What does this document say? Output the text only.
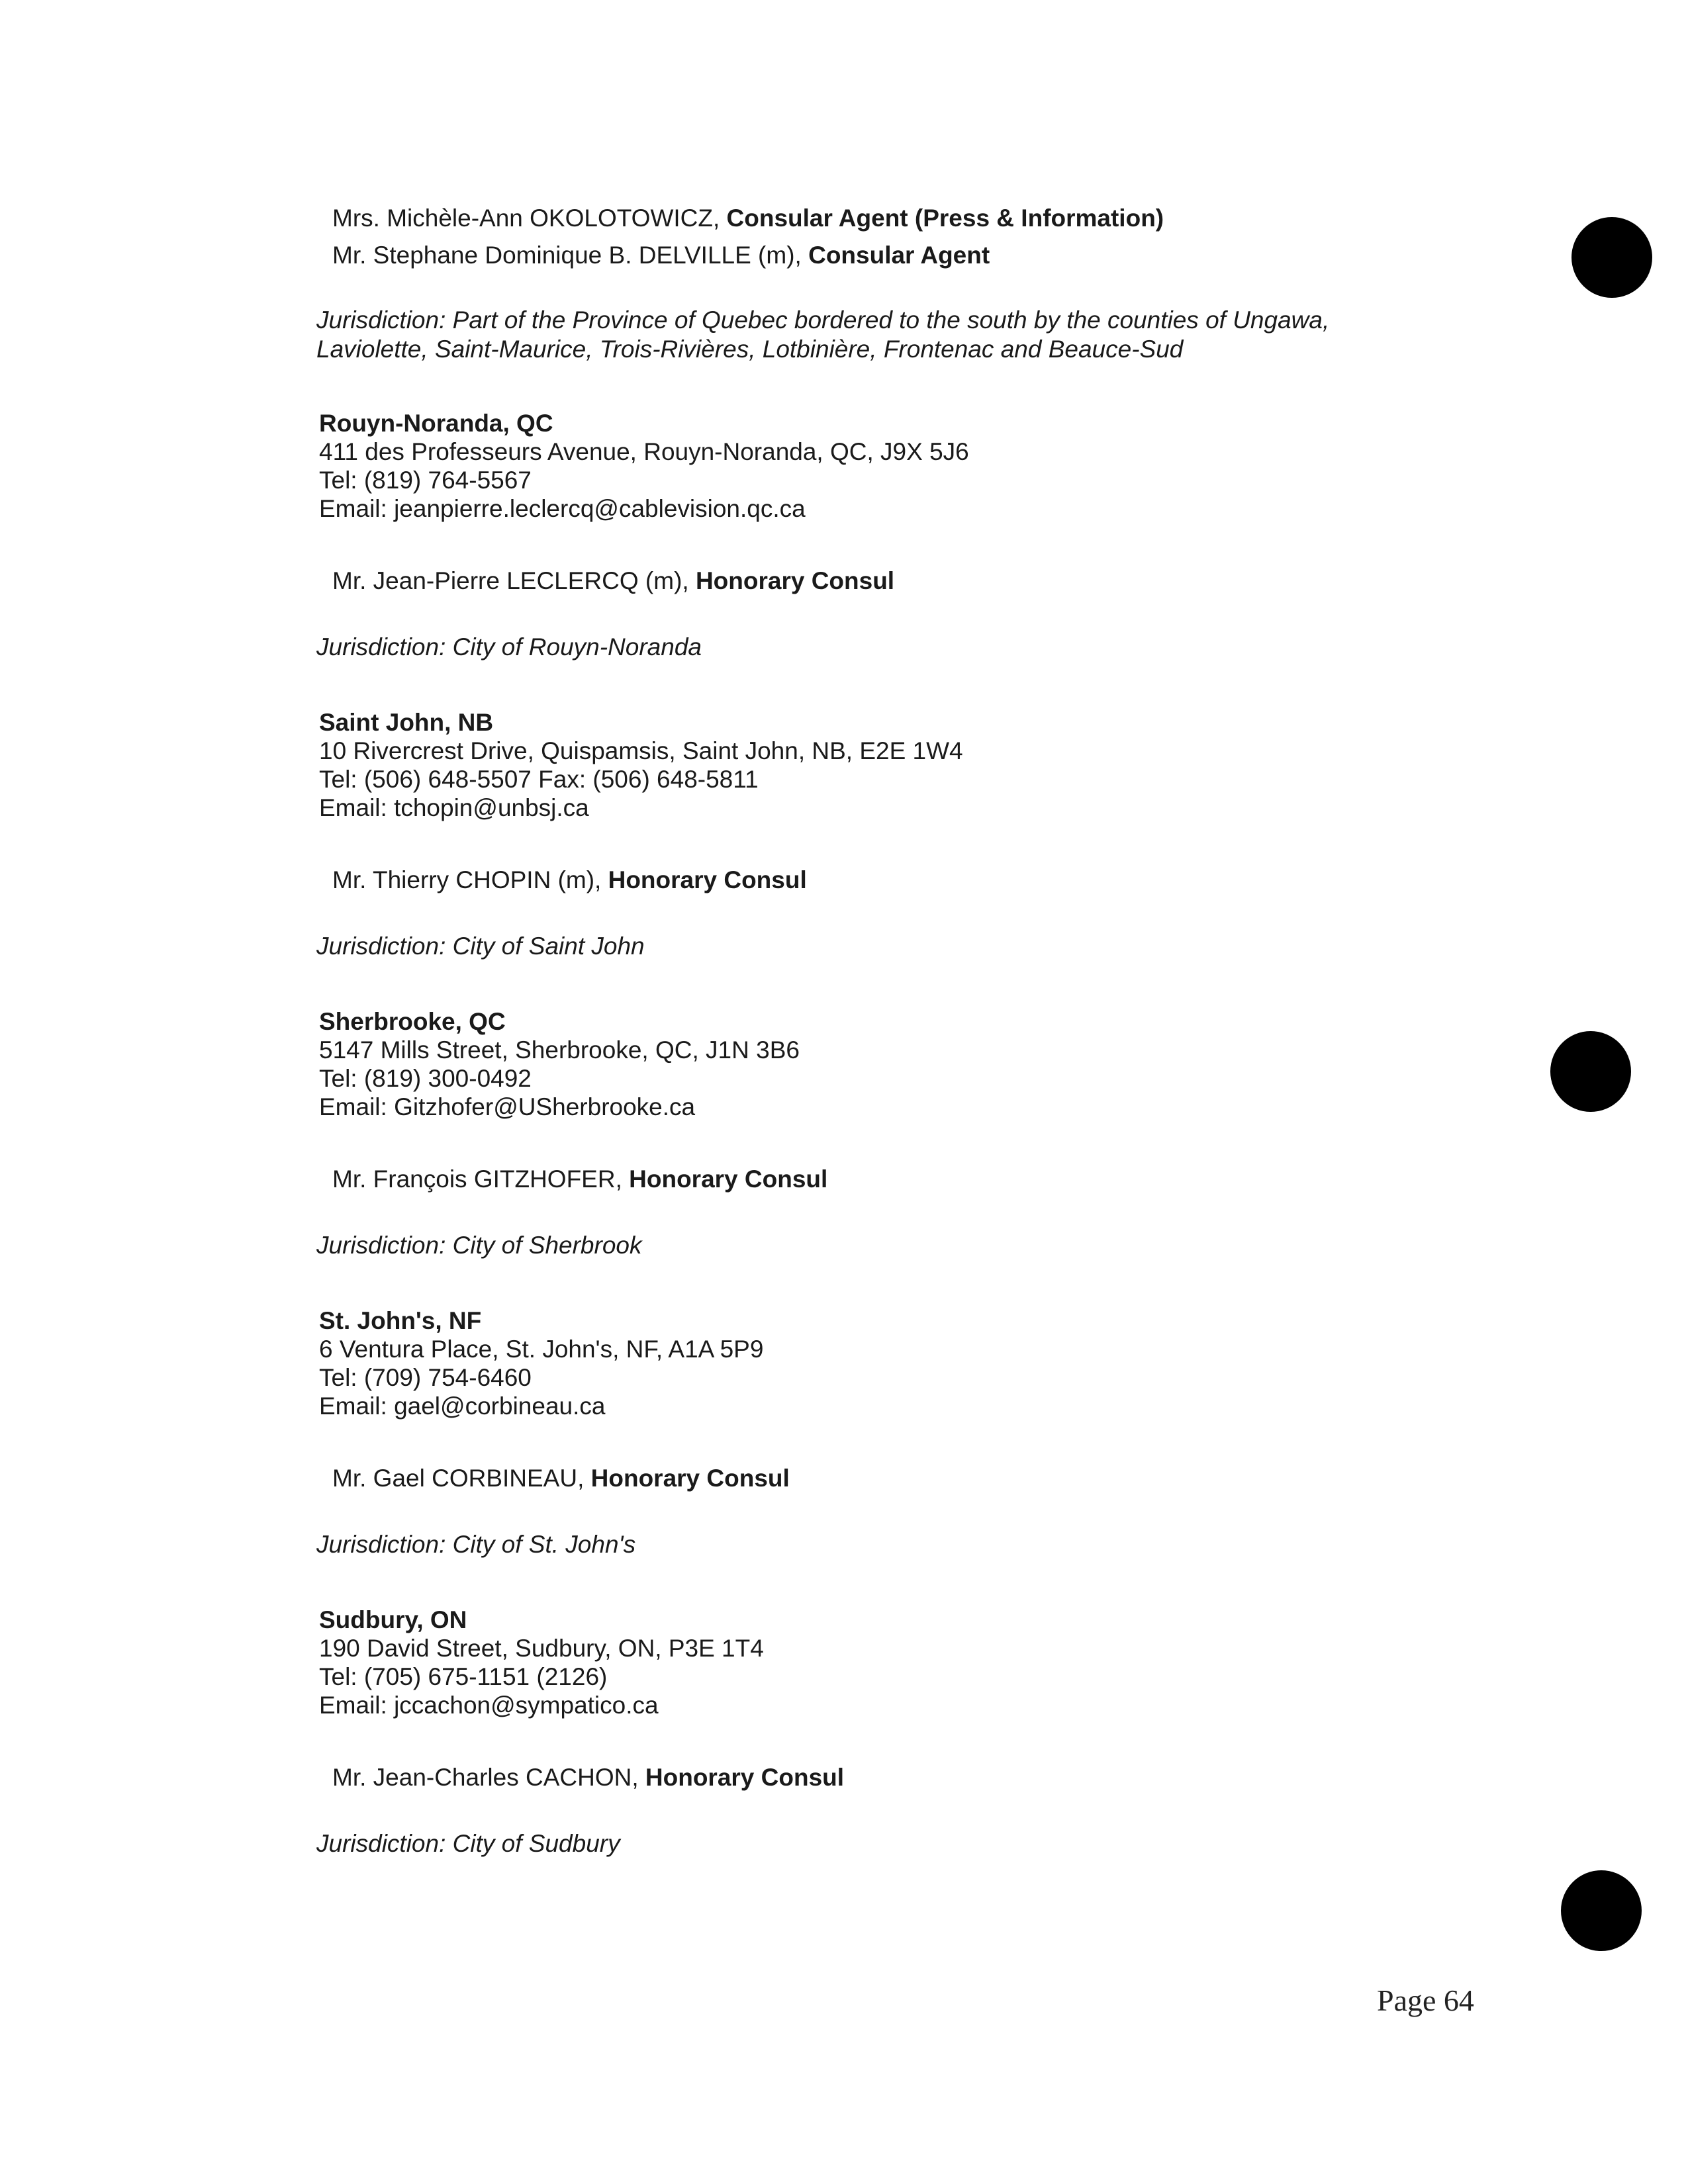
Mrs. Michèle-Ann OKOLOTOWICZ, Consular Agent (Press & Information)
Mr. Stephane Dominique B. DELVILLE (m), Consular Agent
Jurisdiction: Part of the Province of Quebec bordered to the south by the counties of Ungawa,
Laviolette, Saint-Maurice, Trois-Rivières, Lotbinière, Frontenac and Beauce-Sud
Rouyn-Noranda, QC
411 des Professeurs Avenue, Rouyn-Noranda, QC, J9X 5J6
Tel: (819) 764-5567
Email: jeanpierre.leclercq@cablevision.qc.ca
Mr. Jean-Pierre LECLERCQ (m), Honorary Consul
Jurisdiction: City of Rouyn-Noranda
Saint John, NB
10 Rivercrest Drive, Quispamsis, Saint John, NB, E2E 1W4
Tel: (506) 648-5507 Fax: (506) 648-5811
Email: tchopin@unbsj.ca
Mr. Thierry CHOPIN (m), Honorary Consul
Jurisdiction: City of Saint John
Sherbrooke, QC
5147 Mills Street, Sherbrooke, QC, J1N 3B6
Tel: (819) 300-0492
Email: Gitzhofer@USherbrooke.ca
Mr. François GITZHOFER, Honorary Consul
Jurisdiction: City of Sherbrook
St. John's, NF
6 Ventura Place, St. John's, NF, A1A 5P9
Tel: (709) 754-6460
Email: gael@corbineau.ca
Mr. Gael CORBINEAU, Honorary Consul
Jurisdiction: City of St. John's
Sudbury, ON
190 David Street, Sudbury, ON, P3E 1T4
Tel: (705) 675-1151 (2126)
Email: jccachon@sympatico.ca
Mr. Jean-Charles CACHON, Honorary Consul
Jurisdiction: City of Sudbury
Page 64
